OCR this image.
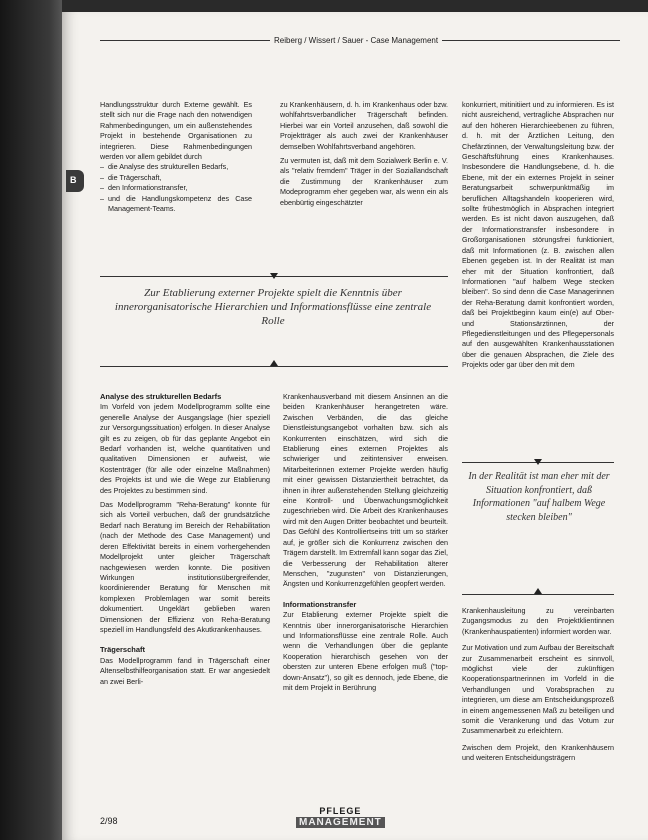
Reiberg / Wissert / Sauer - Case Management
B

Handlungsstruktur durch Externe gewählt. Es stellt sich nur die Frage nach den notwendigen Rahmenbedingungen, um ein außenstehendes Projekt in bestehende Organisationen zu integrieren. Diese Rahmenbedingungen werden vor allem gebildet durch

– die Analyse des strukturellen Bedarfs,
– die Trägerschaft,
– den Informationstransfer,
– und die Handlungskompetenz des Case Management-Teams.

zu Krankenhäusern, d. h. im Krankenhaus oder bzw. wohlfahrtsverbandlicher Trägerschaft befinden. Hierbei war ein Vorteil anzusehen, daß sowohl die Projektträger als auch zwei der Krankenhäuser demselben Wohlfahrtsverband angehören.

Zu vermuten ist, daß mit dem Sozialwerk Berlin e. V. als "relativ fremdem" Träger in der Soziallandschaft die Zustimmung der Krankenhäuser zum Modeprogramm eher gegeben war, als wenn ein als ebenbürtig eingeschätzter

Zur Etablierung externer Projekte spielt die Kenntnis über innerorganisatorische Hierarchien und Informationsflüsse eine zentrale Rolle

Analyse des strukturellen Bedarfs

Im Vorfeld von jedem Modellprogramm sollte eine generelle Analyse der Ausgangslage (hier speziell zur Versorgungssituation) erfolgen. In dieser Analyse gilt es zu zeigen, ob für das geplante Angebot ein Bedarf vorhanden ist, welche quantitativen und qualitativen Dimensionen er aufweist, wie Kostenträger (für alle oder einzelne Maßnahmen) des Projekts ist und wie die Wege zur Etablierung des Projektes zu bestimmen sind.

Das Modellprogramm "Reha-Beratung" konnte für sich als Vorteil verbuchen, daß der grundsätzliche Bedarf nach Beratung im Bereich der Rehabilitation (nach der Methode des Case Management) und deren Effektivität bereits in einem vorhergehenden Modellprojekt unter gleicher Trägerschaft nachgewiesen werden konnte. Die positiven Wirkungen institutionsübergreifender, koordinierender Beratung für Menschen mit komplexen Problemlagen war somit bereits dokumentiert. Ungeklärt geblieben waren Dimensionen der Effizienz von Reha-Beratung speziell im Handlungsfeld des Akutkrankenhauses.

Trägerschaft

Das Modellprogramm fand in Trägerschaft einer Altenselbsthilfeorganisation statt. Er war angesiedelt an zwei Berli-

Krankenhausverband mit diesem Ansinnen an die beiden Krankenhäuser herangetreten wäre. Zwischen Verbänden, die das gleiche Dienstleistungsangebot vorhalten bzw. sich als Konkurrenten einschätzen, wird sich die Etablierung eines externen Projektes als schwieriger und zeitintensiver erweisen. Mitarbeiterinnen externer Projekte werden häufig mit einer gewissen Distanziertheit betrachtet, da ihnen in ihrer außenstehenden Stellung gleichzeitig eine Kontroll- und Überwachungsmöglichkeit zugeschrieben wird. Die Arbeit des Krankenhauses wird mit den Augen Dritter beobachtet und beurteilt. Das Gefühl des Kontrolliertseins tritt um so stärker auf, je größer sich die Konkurrenz zwischen den Trägern darstellt. Im Extremfall kann sogar das Ziel, die Verbesserung der Rehabilitation älterer Menschen, "zugunsten" von Distanzierungen, Ängsten und Konkurrenzgefühlen geopfert werden.

Informationstransfer

Zur Etablierung externer Projekte spielt die Kenntnis über innerorganisatorische Hierarchien und Informationsflüsse eine zentrale Rolle. Auch wenn die Verhandlungen über die geplante Kooperation hierarchisch gesehen von der obersten zur unteren Ebene erfolgen muß ("top-down-Ansatz"), so gilt es dennoch, jede Ebene, die mit dem Projekt in Berührung

konkurriert, mitinitiiert und zu informieren. Es ist nicht ausreichend, vertragliche Absprachen nur auf den höheren Hierarchieebenen zu führen, d. h. mit der Ärztlichen Leitung, den Chefärztinnen, der Verwaltungsleitung bzw. der Geschäftsführung eines Krankenhauses. Insbesondere die Handlungsebene, d. h. die Ebene, mit der ein externes Projekt in seiner Beratungsarbeit schwerpunktmäßig im beruflichen Alltagshandeln kooperieren wird, sollte frühestmöglich in Absprachen integriert werden. Es ist nicht davon auszugehen, daß der Informationstransfer insbesondere in Großorganisationen störungsfrei funktioniert, daß mit Informationen (z. B. zwischen allen Ebenen gegeben ist. In der Realität ist man eher mit der Situation konfrontiert, daß Informationen "auf halbem Wege stecken bleiben". So sind denn die Case Managerinnen der Reha-Beratung damit konfrontiert worden, daß bei Projektbeginn kaum ein(e) auf Ober- und Stationsärztinnen, der Pflegedienstleitungen und des Pflegepersonals auf den ausgewählten Krankenhausstationen über die genauen Absprachen, die Ziele des Projekts oder gar über den mit dem

In der Realität ist man eher mit der Situation konfrontiert, daß Informationen "auf halbem Wege stecken bleiben"

Krankenhausleitung zu vereinbarten Zugangsmodus zu den Projektklientinnen (Krankenhauspatienten) informiert worden war.

Zur Motivation und zum Aufbau der Bereitschaft zur Zusammenarbeit erscheint es sinnvoll, möglichst viele der zukünftigen Kooperationspartnerinnen im Vorfeld in die Verhandlungen und Vorabsprachen zu integrieren, um diese am Entscheidungsprozeß in einem angemessenen Maß zu beteiligen und somit die Verankerung und das Votum zur Zusammenarbeit zu erleichtern.

Zwischen dem Projekt, den Krankenhäusern und weiteren Entscheidungsträgern

2/98
PFLEGE
MANAGEMENT
